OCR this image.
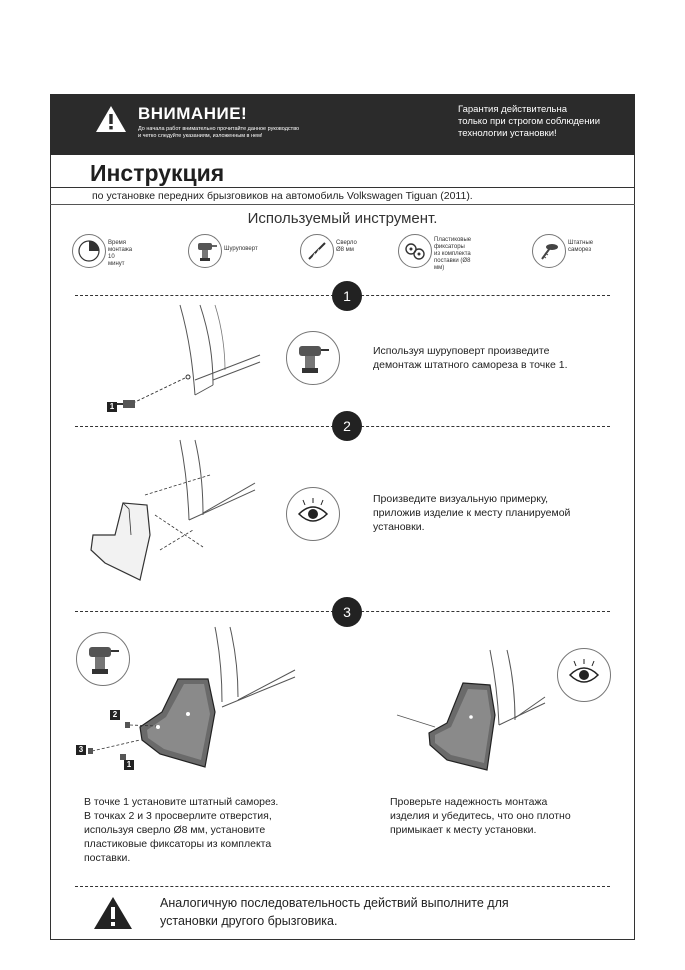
ВНИМАНИЕ!
До начала работ внимательно прочитайте данное руководство
и четко следуйте указаниям, изложенным в нем!
Гарантия действительна
только при строгом соблюдении
технологии установки!
Инструкция
по установке передних брызговиков на автомобиль Volkswagen Tiguan (2011).
Используемый инструмент.
Время монтажа
10 минут
Шуруповерт
Сверло
Ø8 мм
Пластиковые
фиксаторы из комплекта
поставки (Ø8 мм)
Штатные
саморез
1
1

Используя шуруповерт произведите

демонтаж штатного самореза в точке 1.

2

Произведите визуальную примерку,

приложив изделие к месту планируемой

установки.

3
2
3
1

В точке 1 установите штатный саморез.

В точках 2 и 3 просверлите отверстия,

используя сверло Ø8 мм, установите

пластиковые фиксаторы из комплекта

поставки.

Проверьте надежность монтажа

изделия и убедитесь, что оно плотно

примыкает к месту установки.

Аналогичную последовательность действий выполните для
установки другого брызговика.
